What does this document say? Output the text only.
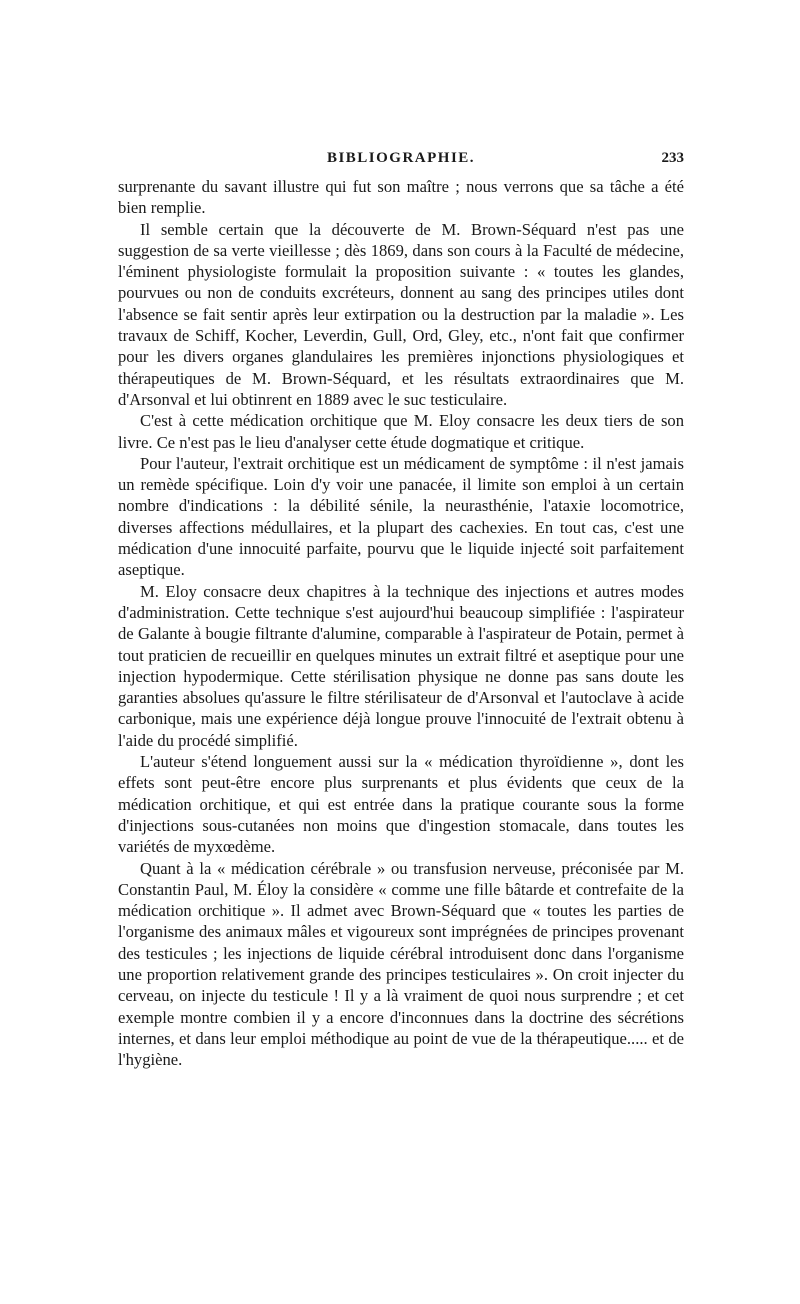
BIBLIOGRAPHIE.	233

surprenante du savant illustre qui fut son maître ; nous verrons que sa tâche a été bien remplie.

Il semble certain que la découverte de M. Brown-Séquard n'est pas une suggestion de sa verte vieillesse ; dès 1869, dans son cours à la Faculté de médecine, l'éminent physiologiste formulait la proposition suivante : « toutes les glandes, pourvues ou non de conduits excréteurs, donnent au sang des principes utiles dont l'absence se fait sentir après leur extirpation ou la destruction par la maladie ». Les travaux de Schiff, Kocher, Leverdin, Gull, Ord, Gley, etc., n'ont fait que confirmer pour les divers organes glandulaires les premières injonctions physiologiques et thérapeutiques de M. Brown-Séquard, et les résultats extraordinaires que M. d'Arsonval et lui obtinrent en 1889 avec le suc testiculaire.

C'est à cette médication orchitique que M. Eloy consacre les deux tiers de son livre. Ce n'est pas le lieu d'analyser cette étude dogmatique et critique.

Pour l'auteur, l'extrait orchitique est un médicament de symptôme : il n'est jamais un remède spécifique. Loin d'y voir une panacée, il limite son emploi à un certain nombre d'indications : la débilité sénile, la neurasthénie, l'ataxie locomotrice, diverses affections médullaires, et la plupart des cachexies. En tout cas, c'est une médication d'une innocuité parfaite, pourvu que le liquide injecté soit parfaitement aseptique.

M. Eloy consacre deux chapitres à la technique des injections et autres modes d'administration. Cette technique s'est aujourd'hui beaucoup simplifiée : l'aspirateur de Galante à bougie filtrante d'alumine, comparable à l'aspirateur de Potain, permet à tout praticien de recueillir en quelques minutes un extrait filtré et aseptique pour une injection hypodermique. Cette stérilisation physique ne donne pas sans doute les garanties absolues qu'assure le filtre stérilisateur de d'Arsonval et l'autoclave à acide carbonique, mais une expérience déjà longue prouve l'innocuité de l'extrait obtenu à l'aide du procédé simplifié.

L'auteur s'étend longuement aussi sur la « médication thyroïdienne », dont les effets sont peut-être encore plus surprenants et plus évidents que ceux de la médication orchitique, et qui est entrée dans la pratique courante sous la forme d'injections sous-cutanées non moins que d'ingestion stomacale, dans toutes les variétés de myxœdème.

Quant à la « médication cérébrale » ou transfusion nerveuse, préconisée par M. Constantin Paul, M. Éloy la considère « comme une fille bâtarde et contrefaite de la médication orchitique ». Il admet avec Brown-Séquard que « toutes les parties de l'organisme des animaux mâles et vigoureux sont imprégnées de principes provenant des testicules ; les injections de liquide cérébral introduisent donc dans l'organisme une proportion relativement grande des principes testiculaires ». On croit injecter du cerveau, on injecte du testicule ! Il y a là vraiment de quoi nous surprendre ; et cet exemple montre combien il y a encore d'inconnues dans la doctrine des sécrétions internes, et dans leur emploi méthodique au point de vue de la thérapeutique..... et de l'hygiène.
